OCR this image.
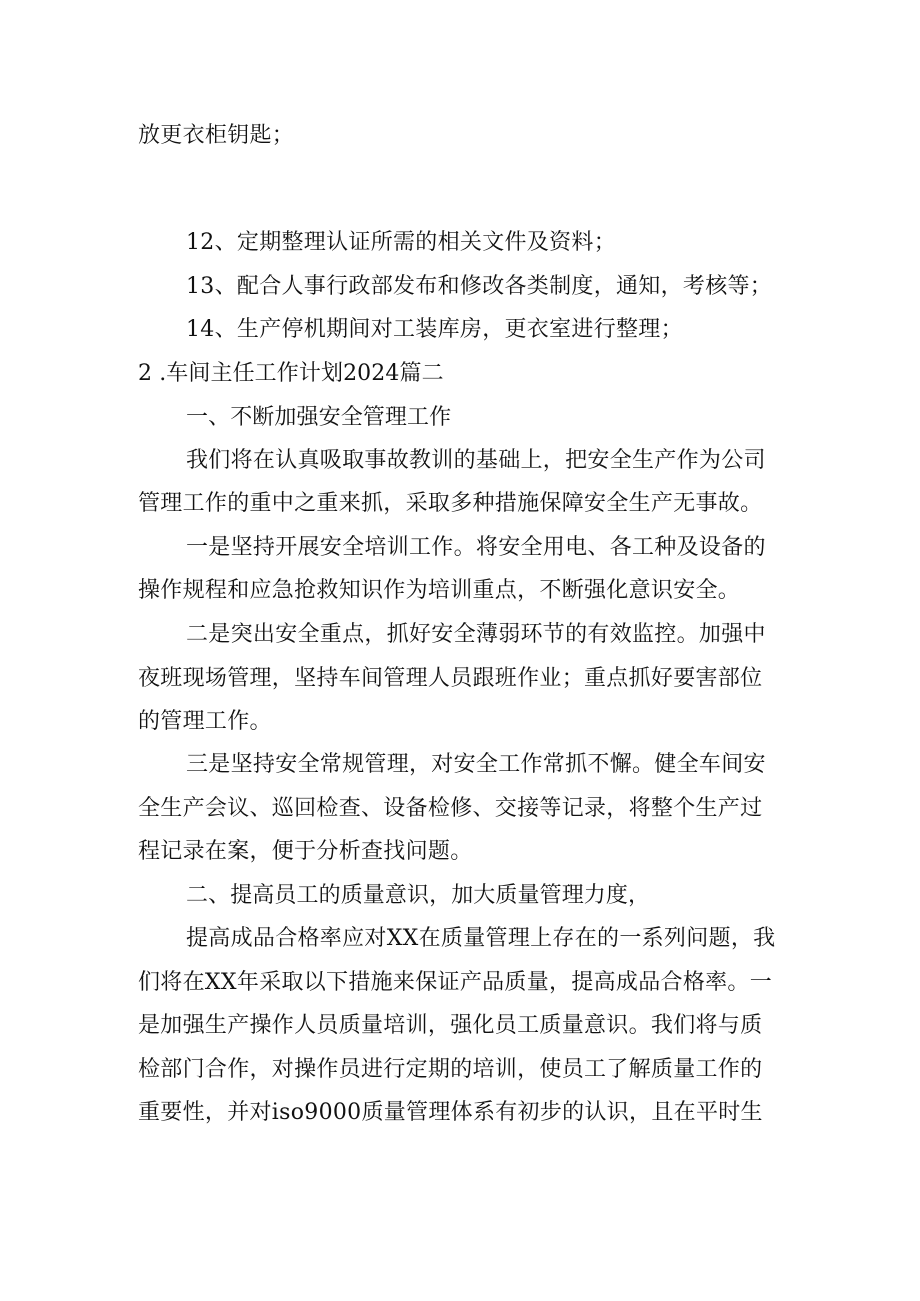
放更衣柜钥匙；
12、定期整理认证所需的相关文件及资料；
13、配合人事行政部发布和修改各类制度，通知，考核等；
14、生产停机期间对工装库房，更衣室进行整理；
2 .车间主任工作计划2024篇二
一、不断加强安全管理工作
我们将在认真吸取事故教训的基础上，把安全生产作为公司
管理工作的重中之重来抓，采取多种措施保障安全生产无事故。
一是坚持开展安全培训工作。将安全用电、各工种及设备的
操作规程和应急抢救知识作为培训重点，不断强化意识安全。
二是突出安全重点，抓好安全薄弱环节的有效监控。加强中
夜班现场管理，坚持车间管理人员跟班作业；重点抓好要害部位
的管理工作。
三是坚持安全常规管理，对安全工作常抓不懈。健全车间安
全生产会议、巡回检查、设备检修、交接等记录，将整个生产过
程记录在案，便于分析查找问题。
二、提高员工的质量意识，加大质量管理力度，
提高成品合格率应对XX在质量管理上存在的一系列问题，我
们将在XX年采取以下措施来保证产品质量，提高成品合格率。一
是加强生产操作人员质量培训，强化员工质量意识。我们将与质
检部门合作，对操作员进行定期的培训，使员工了解质量工作的
重要性，并对iso9000质量管理体系有初步的认识，且在平时生
